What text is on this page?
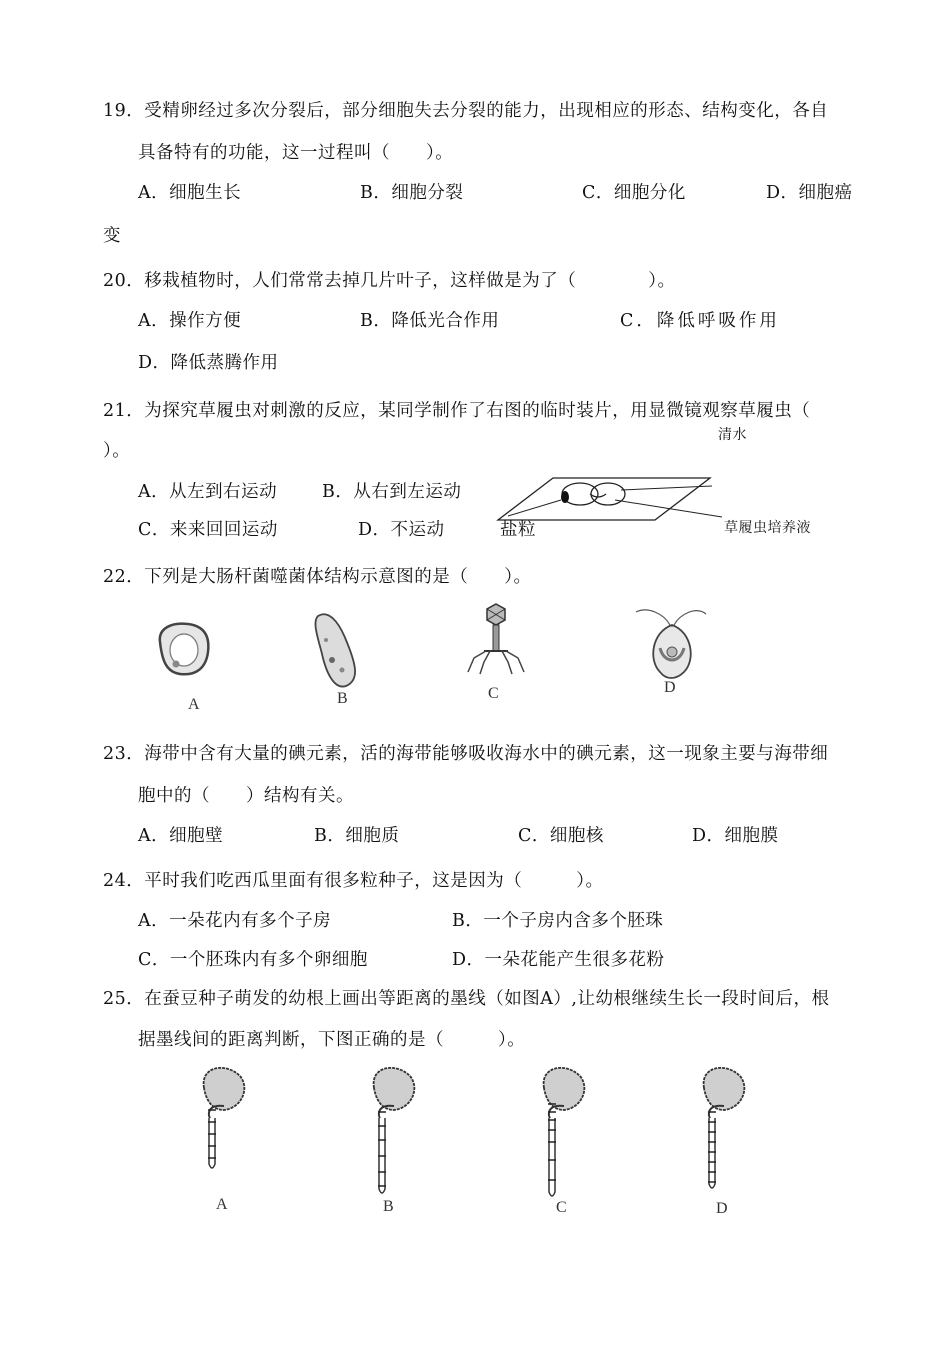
19．受精卵经过多次分裂后，部分细胞失去分裂的能力，出现相应的形态、结构变化，各自
具备特有的功能，这一过程叫（　　）。
A．细胞生长	B．细胞分裂	C．细胞分化	D．细胞癌
变
20．移栽植物时，人们常常去掉几片叶子，这样做是为了（　　　　）。
A．操作方便	B．降低光合作用	C．降低呼吸作用
D．降低蒸腾作用
21．为探究草履虫对刺激的反应，某同学制作了右图的临时装片，用显微镜观察草履虫（
）。
A．从左到右运动	B．从右到左运动
C．来来回回运动	D．不运动
清水
盐粒	草履虫培养液
22．下列是大肠杆菌噬菌体结构示意图的是（　　）。
A	B	C	D
23．海带中含有大量的碘元素，活的海带能够吸收海水中的碘元素，这一现象主要与海带细
胞中的（　　）结构有关。
A．细胞壁	B．细胞质	C．细胞核	D．细胞膜
24．平时我们吃西瓜里面有很多粒种子，这是因为（　　　）。
A．一朵花内有多个子房	B．一个子房内含多个胚珠
C．一个胚珠内有多个卵细胞	D．一朵花能产生很多花粉
25．在蚕豆种子萌发的幼根上画出等距离的墨线（如图A）,让幼根继续生长一段时间后，根
据墨线间的距离判断，下图正确的是（　　　）。
A	B	C	D
